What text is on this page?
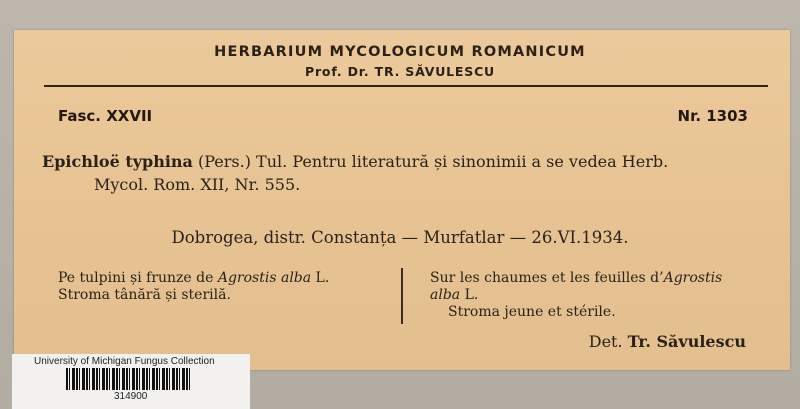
HERBARIUM MYCOLOGICUM ROMANICUM
Prof. Dr. TR. SĂVULESCU
Fasc. XXVII	Nr. 1303
Epichloë typhina (Pers.) Tul. Pentru literatură și sinonimii a se vedea Herb.
Mycol. Rom. XII, Nr. 555.
Dobrogea, distr. Constanța — Murfatlar — 26.VI.1934.
Pe tulpini și frunze de Agrostis alba L.
Stroma tânără și sterilă.
Sur les chaumes et les feuilles d’Agrostis
alba L.
Stroma jeune et stérile.
Det. Tr. Săvulescu
University of Michigan Fungus Collection
314900
